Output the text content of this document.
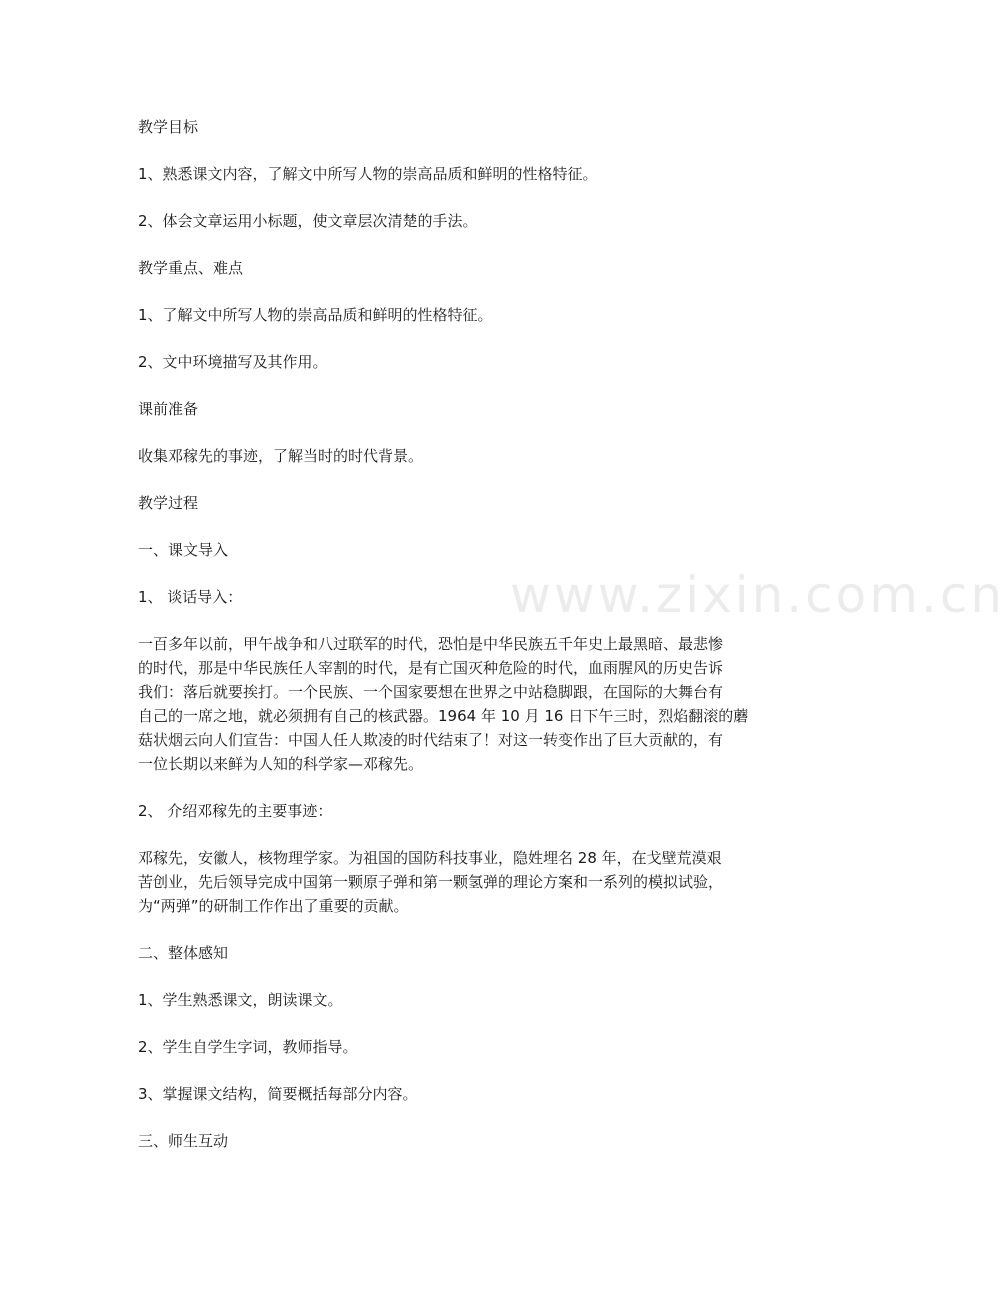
www.zixin.com.cn

教学目标

1、熟悉课文内容，了解文中所写人物的崇高品质和鲜明的性格特征。

2、体会文章运用小标题，使文章层次清楚的手法。

教学重点、难点

1、了解文中所写人物的崇高品质和鲜明的性格特征。

2、文中环境描写及其作用。

课前准备

收集邓稼先的事迹，了解当时的时代背景。

教学过程

一、课文导入

1、 谈话导入：

一百多年以前，甲午战争和八过联军的时代，恐怕是中华民族五千年史上最黑暗、最悲惨
的时代，那是中华民族任人宰割的时代，是有亡国灭种危险的时代，血雨腥风的历史告诉
我们：落后就要挨打。一个民族、一个国家要想在世界之中站稳脚跟，在国际的大舞台有
自己的一席之地，就必须拥有自己的核武器。1964 年 10 月 16 日下午三时，烈焰翻滚的蘑
菇状烟云向人们宣告：中国人任人欺凌的时代结束了！对这一转变作出了巨大贡献的，有
一位长期以来鲜为人知的科学家—邓稼先。

2、 介绍邓稼先的主要事迹：

邓稼先，安徽人，核物理学家。为祖国的国防科技事业，隐姓埋名 28 年，在戈壁荒漠艰
苦创业，先后领导完成中国第一颗原子弹和第一颗氢弹的理论方案和一系列的模拟试验，
为“两弹”的研制工作作出了重要的贡献。

二、整体感知

1、学生熟悉课文，朗读课文。

2、学生自学生字词，教师指导。

3、掌握课文结构，简要概括每部分内容。

三、师生互动
